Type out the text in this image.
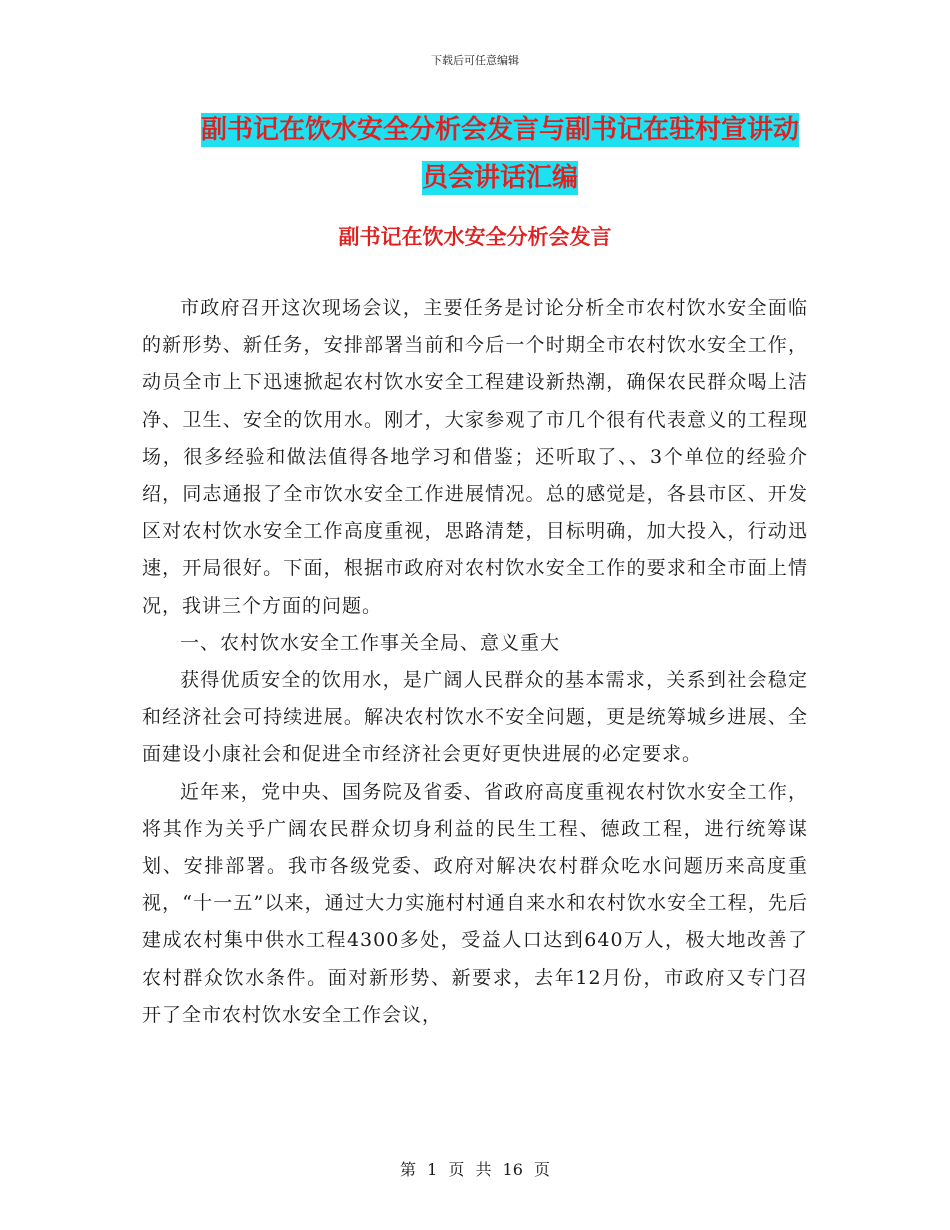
下载后可任意编辑
副书记在饮水安全分析会发言与副书记在驻村宣讲动
员会讲话汇编
副书记在饮水安全分析会发言

市政府召开这次现场会议，主要任务是讨论分析全市农村饮水安全面临的新形势、新任务，安排部署当前和今后一个时期全市农村饮水安全工作，动员全市上下迅速掀起农村饮水安全工程建设新热潮，确保农民群众喝上洁净、卫生、安全的饮用水。刚才，大家参观了市几个很有代表意义的工程现场，很多经验和做法值得各地学习和借鉴；还听取了、、3个单位的经验介绍，同志通报了全市饮水安全工作进展情况。总的感觉是，各县市区、开发区对农村饮水安全工作高度重视，思路清楚，目标明确，加大投入，行动迅速，开局很好。下面，根据市政府对农村饮水安全工作的要求和全市面上情况，我讲三个方面的问题。

一、农村饮水安全工作事关全局、意义重大

获得优质安全的饮用水，是广阔人民群众的基本需求，关系到社会稳定和经济社会可持续进展。解决农村饮水不安全问题，更是统筹城乡进展、全面建设小康社会和促进全市经济社会更好更快进展的必定要求。

近年来，党中央、国务院及省委、省政府高度重视农村饮水安全工作，将其作为关乎广阔农民群众切身利益的民生工程、德政工程，进行统筹谋划、安排部署。我市各级党委、政府对解决农村群众吃水问题历来高度重视，“十一五”以来，通过大力实施村村通自来水和农村饮水安全工程，先后建成农村集中供水工程4300多处，受益人口达到640万人，极大地改善了农村群众饮水条件。面对新形势、新要求，去年12月份，市政府又专门召开了全市农村饮水安全工作会议，

第 1 页 共 16 页
